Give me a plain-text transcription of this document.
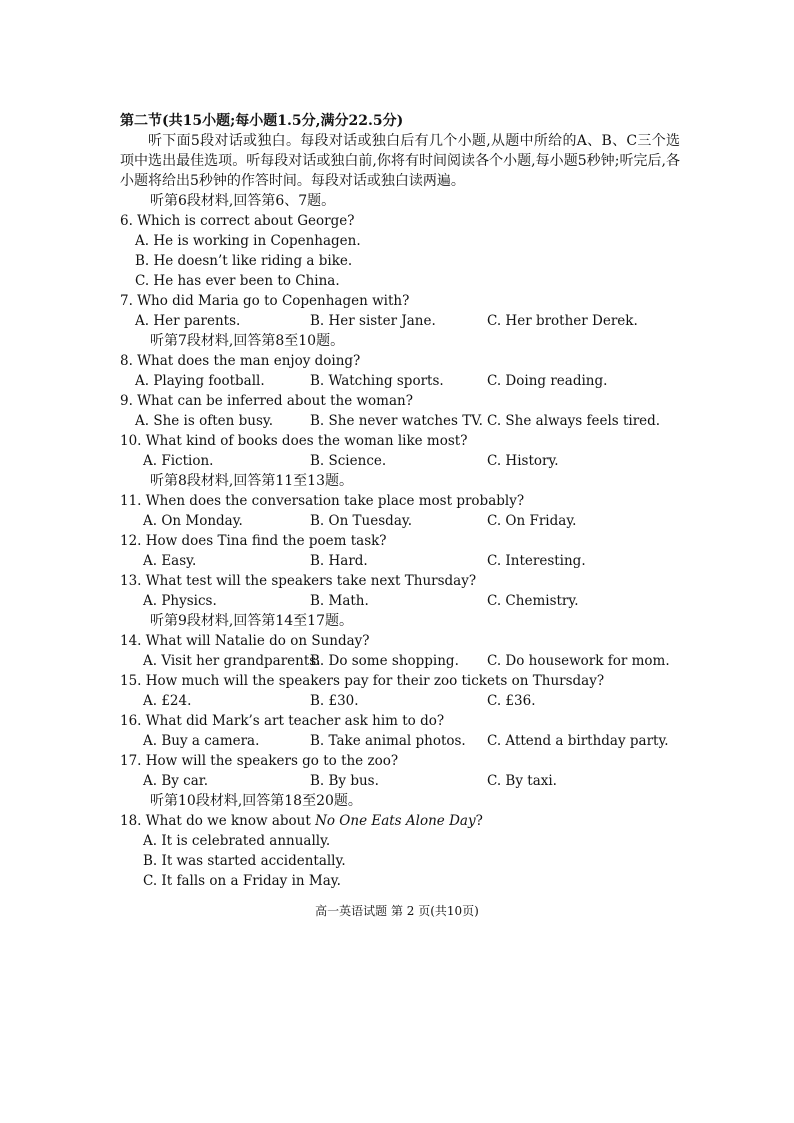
第二节(共15小题;每小题1.5分,满分22.5分)
听下面5段对话或独白。每段对话或独白后有几个小题,从题中所给的A、B、C三个选项中选出最佳选项。听每段对话或独白前,你将有时间阅读各个小题,每小题5秒钟;听完后,各小题将给出5秒钟的作答时间。每段对话或独白读两遍。
听第6段材料,回答第6、7题。
6. Which is correct about George?
A. He is working in Copenhagen.
B. He doesn’t like riding a bike.
C. He has ever been to China.
7. Who did Maria go to Copenhagen with?
A. Her parents.	B. Her sister Jane.	C. Her brother Derek.
听第7段材料,回答第8至10题。
8. What does the man enjoy doing?
A. Playing football.	B. Watching sports.	C. Doing reading.
9. What can be inferred about the woman?
A. She is often busy.	B. She never watches TV. C. She always feels tired.
10. What kind of books does the woman like most?
A. Fiction.	B. Science.	C. History.
听第8段材料,回答第11至13题。
11. When does the conversation take place most probably?
A. On Monday.	B. On Tuesday.	C. On Friday.
12. How does Tina find the poem task?
A. Easy.	B. Hard.	C. Interesting.
13. What test will the speakers take next Thursday?
A. Physics.	B. Math.	C. Chemistry.
听第9段材料,回答第14至17题。
14. What will Natalie do on Sunday?
A. Visit her grandparents.
B. Do some shopping. C. Do housework for mom.
15. How much will the speakers pay for their zoo tickets on Thursday?
A. £24.	B. £30.	C. £36.
16. What did Mark’s art teacher ask him to do?
A. Buy a camera.	B. Take animal photos. C. Attend a birthday party.
17. How will the speakers go to the zoo?
A. By car.	B. By bus.	C. By taxi.
听第10段材料,回答第18至20题。
18. What do we know about No One Eats Alone Day?
A. It is celebrated annually.
B. It was started accidentally.
C. It falls on a Friday in May.
高一英语试题 第 2 页(共10页)
